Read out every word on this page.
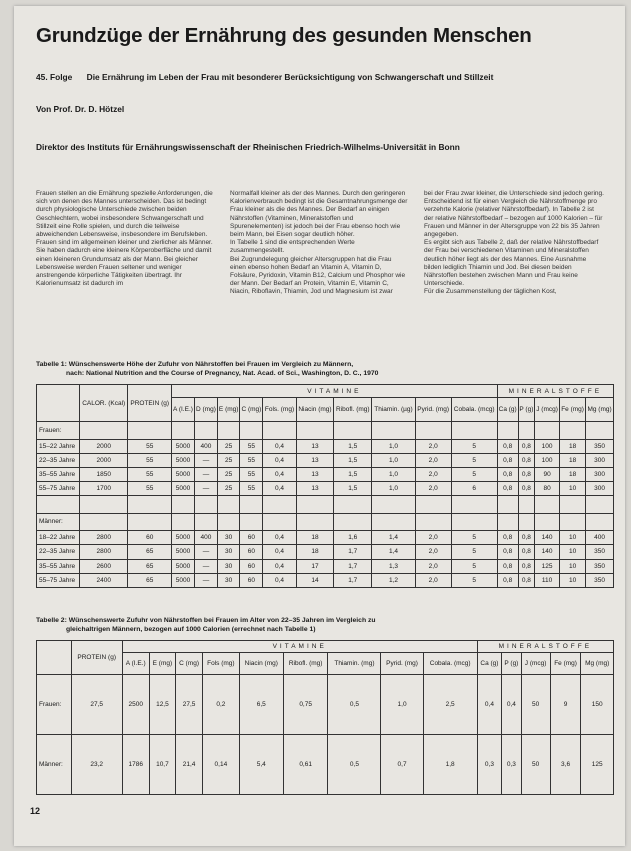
Grundzüge der Ernährung des gesunden Menschen
45. Folge Die Ernährung im Leben der Frau mit besonderer Berücksichtigung von Schwangerschaft und Stillzeit
Von Prof. Dr. D. Hötzel
Direktor des Instituts für Ernährungswissenschaft der Rheinischen Friedrich-Wilhelms-Universität in Bonn

Frauen stellen an die Ernährung spezielle Anforderungen, die sich von denen des Mannes unterscheiden. Das ist bedingt durch physiologische Unterschiede zwischen beiden Geschlechtern, wobei insbesondere Schwangerschaft und Stillzeit eine Rolle spielen, und durch die teilweise abweichenden Lebensweise, insbesondere im Berufsleben.

Frauen sind im allgemeinen kleiner und zierlicher als Männer. Sie haben dadurch eine kleinere Körperoberfläche und damit einen kleineren Grundumsatz als der Mann. Bei gleicher Lebensweise werden Frauen seltener und weniger anstrengende körperliche Tätigkeiten übertragt. Ihr Kalorienumsatz ist dadurch im

Normalfall kleiner als der des Mannes. Durch den geringeren Kalorienverbrauch bedingt ist die Gesamtnahrungsmenge der Frau kleiner als die des Mannes. Der Bedarf an einigen Nährstoffen (Vitaminen, Mineralstoffen und Spurenelementen) ist jedoch bei der Frau ebenso hoch wie beim Mann, bei Eisen sogar deutlich höher.

In Tabelle 1 sind die entsprechenden Werte zusammengestellt.

Bei Zugrundelegung gleicher Altersgruppen hat die Frau einen ebenso hohen Bedarf an Vitamin A, Vitamin D, Folsäure, Pyridoxin, Vitamin B12, Calcium und Phosphor wie der Mann. Der Bedarf an Protein, Vitamin E, Vitamin C, Niacin, Riboflavin, Thiamin, Jod und Magnesium ist zwar

bei der Frau zwar kleiner, die Unterschiede sind jedoch gering. Entscheidend ist für einen Vergleich die Nährstoffmenge pro verzehrte Kalorie (relativer Nährstoffbedarf). In Tabelle 2 ist der relative Nährstoffbedarf – bezogen auf 1000 Kalorien – für Frauen und Männer in der Altersgruppe von 22 bis 35 Jahren angegeben.

Es ergibt sich aus Tabelle 2, daß der relative Nährstoffbedarf der Frau bei verschiedenen Vitaminen und Mineralstoffen deutlich höher liegt als der des Mannes. Eine Ausnahme bilden lediglich Thiamin und Jod. Bei diesen beiden Nährstoffen bestehen zwischen Mann und Frau keine Unterschiede.

Für die Zusammenstellung der täglichen Kost,

Tabelle 1: Wünschenswerte Höhe der Zufuhr von Nährstoffen bei Frauen im Vergleich zu Männern,
nach: National Nutrition and the Course of Pregnancy, Nat. Acad. of Sci., Washington, D. C., 1970
	CALOR. (Kcal)	PROTEIN (g)	VITAMINE										MINERALSTOFFE				
			A (I.E.)	D (mg)	E (mg)	C (mg)	Fols. (mg)	Niacin (mg)	Ribofl. (mg)	Thiamin. (µg)	Pyrid. (mg)	Cobala. (mcg)	Ca (g)	P (g)	J (mcg)	Fe (mg)	Mg (mg)
Frauen:																	
15–22 Jahre	2000	55	5000	400	25	55	0,4	13	1,5	1,0	2,0	5	0,8	0,8	100	18	350
22–35 Jahre	2000	55	5000	—	25	55	0,4	13	1,5	1,0	2,0	5	0,8	0,8	100	18	300
35–55 Jahre	1850	55	5000	—	25	55	0,4	13	1,5	1,0	2,0	5	0,8	0,8	90	18	300
55–75 Jahre	1700	55	5000	—	25	55	0,4	13	1,5	1,0	2,0	6	0,8	0,8	80	10	300

Männer:																	
18–22 Jahre	2800	60	5000	400	30	60	0,4	18	1,6	1,4	2,0	5	0,8	0,8	140	10	400
22–35 Jahre	2800	65	5000	—	30	60	0,4	18	1,7	1,4	2,0	5	0,8	0,8	140	10	350
35–55 Jahre	2600	65	5000	—	30	60	0,4	17	1,7	1,3	2,0	5	0,8	0,8	125	10	350
55–75 Jahre	2400	65	5000	—	30	60	0,4	14	1,7	1,2	2,0	5	0,8	0,8	110	10	350
Tabelle 2: Wünschenswerte Zufuhr von Nährstoffen bei Frauen im Alter von 22–35 Jahren im Vergleich zu
gleichaltrigen Männern, bezogen auf 1000 Calorien (errechnet nach Tabelle 1)
	PROTEIN (g)	VITAMINE									MINERALSTOFFE				
		A (I.E.)	E (mg)	C (mg)	Fols (mg)	Niacin (mg)	Ribofl. (mg)	Thiamin. (mg)	Pyrid. (mg)	Cobala. (mcg)	Ca (g)	P (g)	J (mcg)	Fe (mg)	Mg (mg)
Frauen:	27,5	2500	12,5	27,5	0,2	6,5	0,75	0,5	1,0	2,5	0,4	0,4	50	9	150
Männer:	23,2	1786	10,7	21,4	0,14	5,4	0,61	0,5	0,7	1,8	0,3	0,3	50	3,6	125
12
